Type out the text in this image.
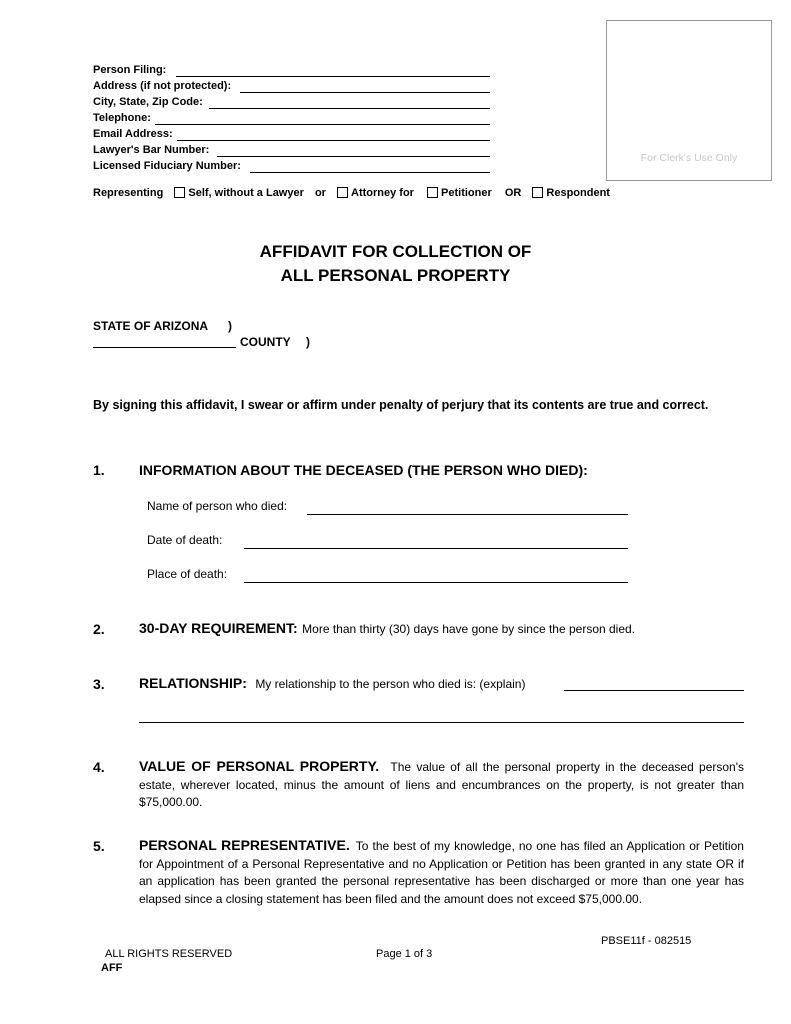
For Clerk's Use Only
Person Filing:
Address (if not protected):
City, State, Zip Code:
Telephone:
Email Address:
Lawyer's Bar Number:
Licensed Fiduciary Number:
Representing Self, without a Lawyer or Attorney for Petitioner OR Respondent
AFFIDAVIT FOR COLLECTION OF
ALL PERSONAL PROPERTY
STATE OF ARIZONA )
COUNTY )
By signing this affidavit, I swear or affirm under penalty of perjury that its contents are true and correct.
1. INFORMATION ABOUT THE DECEASED (THE PERSON WHO DIED):
Name of person who died:
Date of death:
Place of death:
2. 30-DAY REQUIREMENT: More than thirty (30) days have gone by since the person died.
3. RELATIONSHIP: My relationship to the person who died is: (explain)
4. VALUE OF PERSONAL PROPERTY. The value of all the personal property in the deceased person's estate, wherever located, minus the amount of liens and encumbrances on the property, is not greater than $75,000.00.
5. PERSONAL REPRESENTATIVE. To the best of my knowledge, no one has filed an Application or Petition for Appointment of a Personal Representative and no Application or Petition has been granted in any state OR if an application has been granted the personal representative has been discharged or more than one year has elapsed since a closing statement has been filed and the amount does not exceed $75,000.00.
PBSE11f - 082515
ALL RIGHTS RESERVED	Page 1 of 3
AFF
